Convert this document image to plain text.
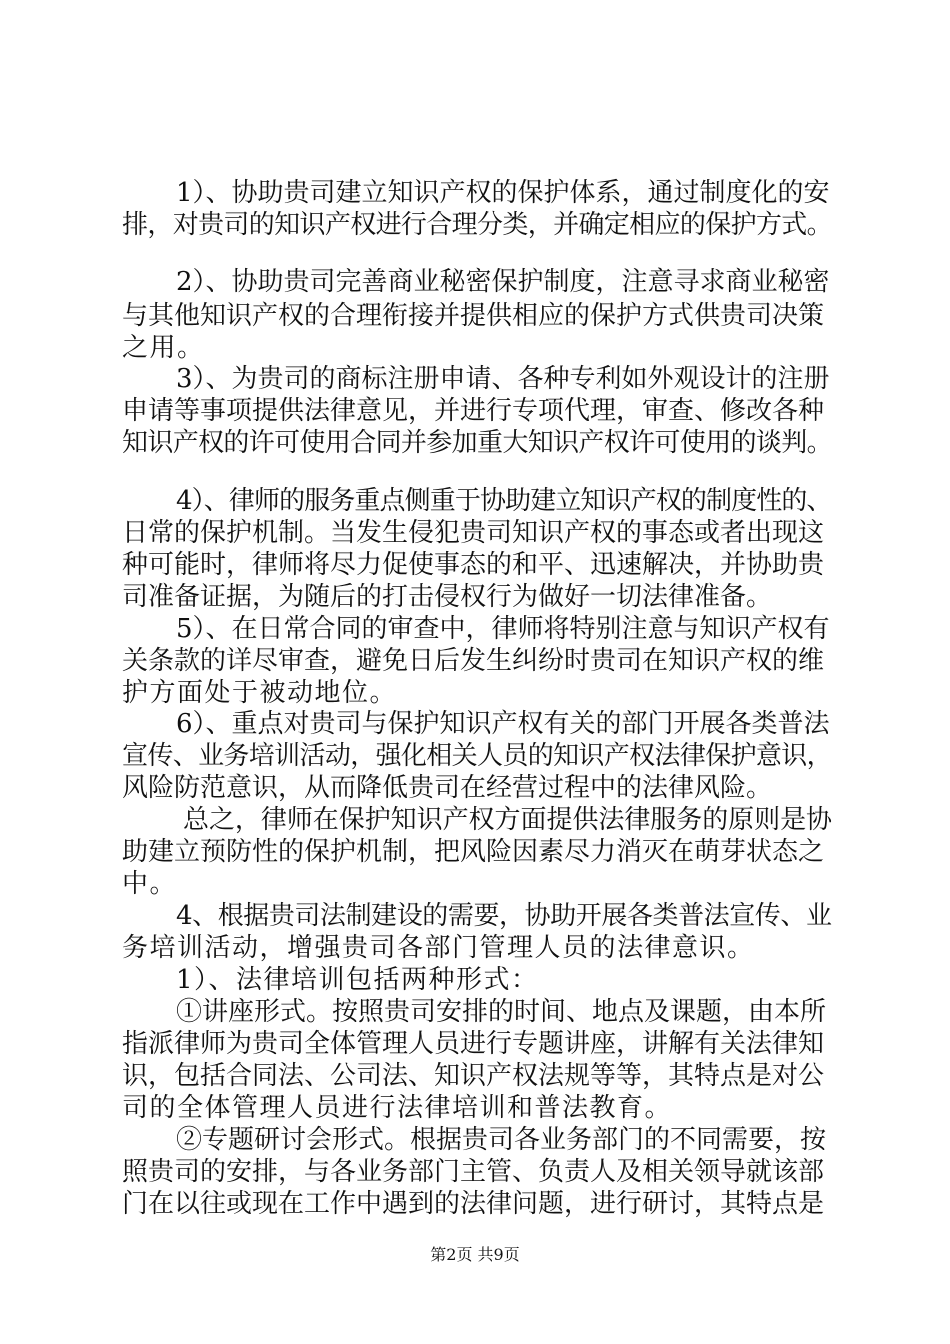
1）、协助贵司建立知识产权的保护体系，通过制度化的安
排，对贵司的知识产权进行合理分类，并确定相应的保护方式。
2）、协助贵司完善商业秘密保护制度，注意寻求商业秘密
与其他知识产权的合理衔接并提供相应的保护方式供贵司决策
之用。
3）、为贵司的商标注册申请、各种专利如外观设计的注册
申请等事项提供法律意见，并进行专项代理，审查、修改各种
知识产权的许可使用合同并参加重大知识产权许可使用的谈判。
4）、律师的服务重点侧重于协助建立知识产权的制度性的、
日常的保护机制。当发生侵犯贵司知识产权的事态或者出现这
种可能时，律师将尽力促使事态的和平、迅速解决，并协助贵
司准备证据，为随后的打击侵权行为做好一切法律准备。
5）、在日常合同的审查中，律师将特别注意与知识产权有
关条款的详尽审查，避免日后发生纠纷时贵司在知识产权的维
护方面处于被动地位。
6）、重点对贵司与保护知识产权有关的部门开展各类普法
宣传、业务培训活动，强化相关人员的知识产权法律保护意识，
风险防范意识，从而降低贵司在经营过程中的法律风险。
总之，律师在保护知识产权方面提供法律服务的原则是协
助建立预防性的保护机制，把风险因素尽力消灭在萌芽状态之
中。
4、根据贵司法制建设的需要，协助开展各类普法宣传、业
务培训活动，增强贵司各部门管理人员的法律意识。
1）、法律培训包括两种形式：
①讲座形式。按照贵司安排的时间、地点及课题，由本所
指派律师为贵司全体管理人员进行专题讲座，讲解有关法律知
识，包括合同法、公司法、知识产权法规等等，其特点是对公
司的全体管理人员进行法律培训和普法教育。
②专题研讨会形式。根据贵司各业务部门的不同需要，按
照贵司的安排，与各业务部门主管、负责人及相关领导就该部
门在以往或现在工作中遇到的法律问题，进行研讨，其特点是
第2页 共9页
